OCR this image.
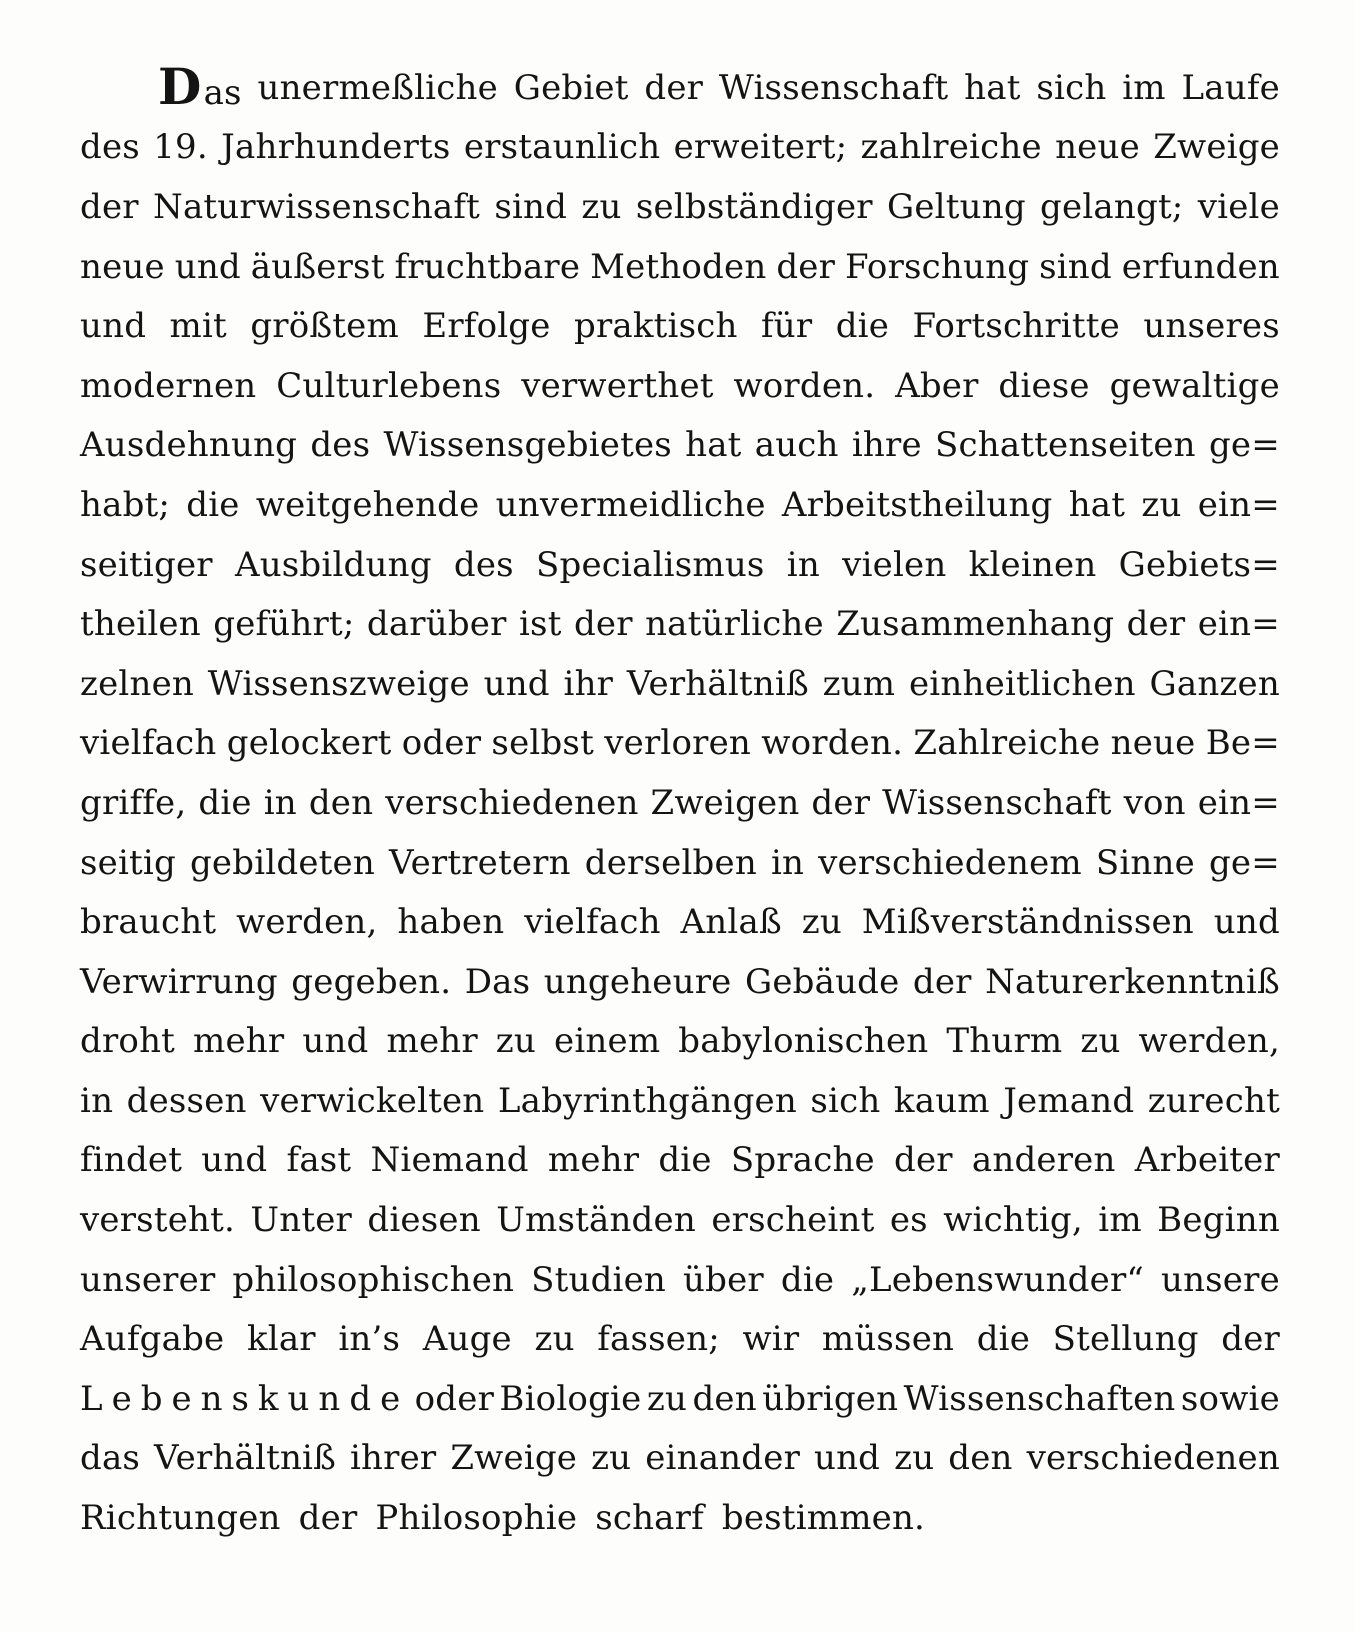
Das unermeßliche Gebiet der Wissenschaft hat sich im Laufe
des 19. Jahrhunderts erstaunlich erweitert; zahlreiche neue Zweige
der Naturwissenschaft sind zu selbständiger Geltung gelangt; viele
neue und äußerst fruchtbare Methoden der Forschung sind erfunden
und mit größtem Erfolge praktisch für die Fortschritte unseres
modernen Culturlebens verwerthet worden. Aber diese gewaltige
Ausdehnung des Wissensgebietes hat auch ihre Schattenseiten ge=
habt; die weitgehende unvermeidliche Arbeitstheilung hat zu ein=
seitiger Ausbildung des Specialismus in vielen kleinen Gebiets=
theilen geführt; darüber ist der natürliche Zusammenhang der ein=
zelnen Wissenszweige und ihr Verhältniß zum einheitlichen Ganzen
vielfach gelockert oder selbst verloren worden. Zahlreiche neue Be=
griffe, die in den verschiedenen Zweigen der Wissenschaft von ein=
seitig gebildeten Vertretern derselben in verschiedenem Sinne ge=
braucht werden, haben vielfach Anlaß zu Mißverständnissen und
Verwirrung gegeben. Das ungeheure Gebäude der Naturerkenntniß
droht mehr und mehr zu einem babylonischen Thurm zu werden,
in dessen verwickelten Labyrinthgängen sich kaum Jemand zurecht
findet und fast Niemand mehr die Sprache der anderen Arbeiter
versteht. Unter diesen Umständen erscheint es wichtig, im Beginn
unserer philosophischen Studien über die „Lebenswunder“ unsere
Aufgabe klar in’s Auge zu fassen; wir müssen die Stellung der
Lebenskunde oder Biologie zu den übrigen Wissenschaften sowie
das Verhältniß ihrer Zweige zu einander und zu den verschiedenen
Richtungen der Philosophie scharf bestimmen.
